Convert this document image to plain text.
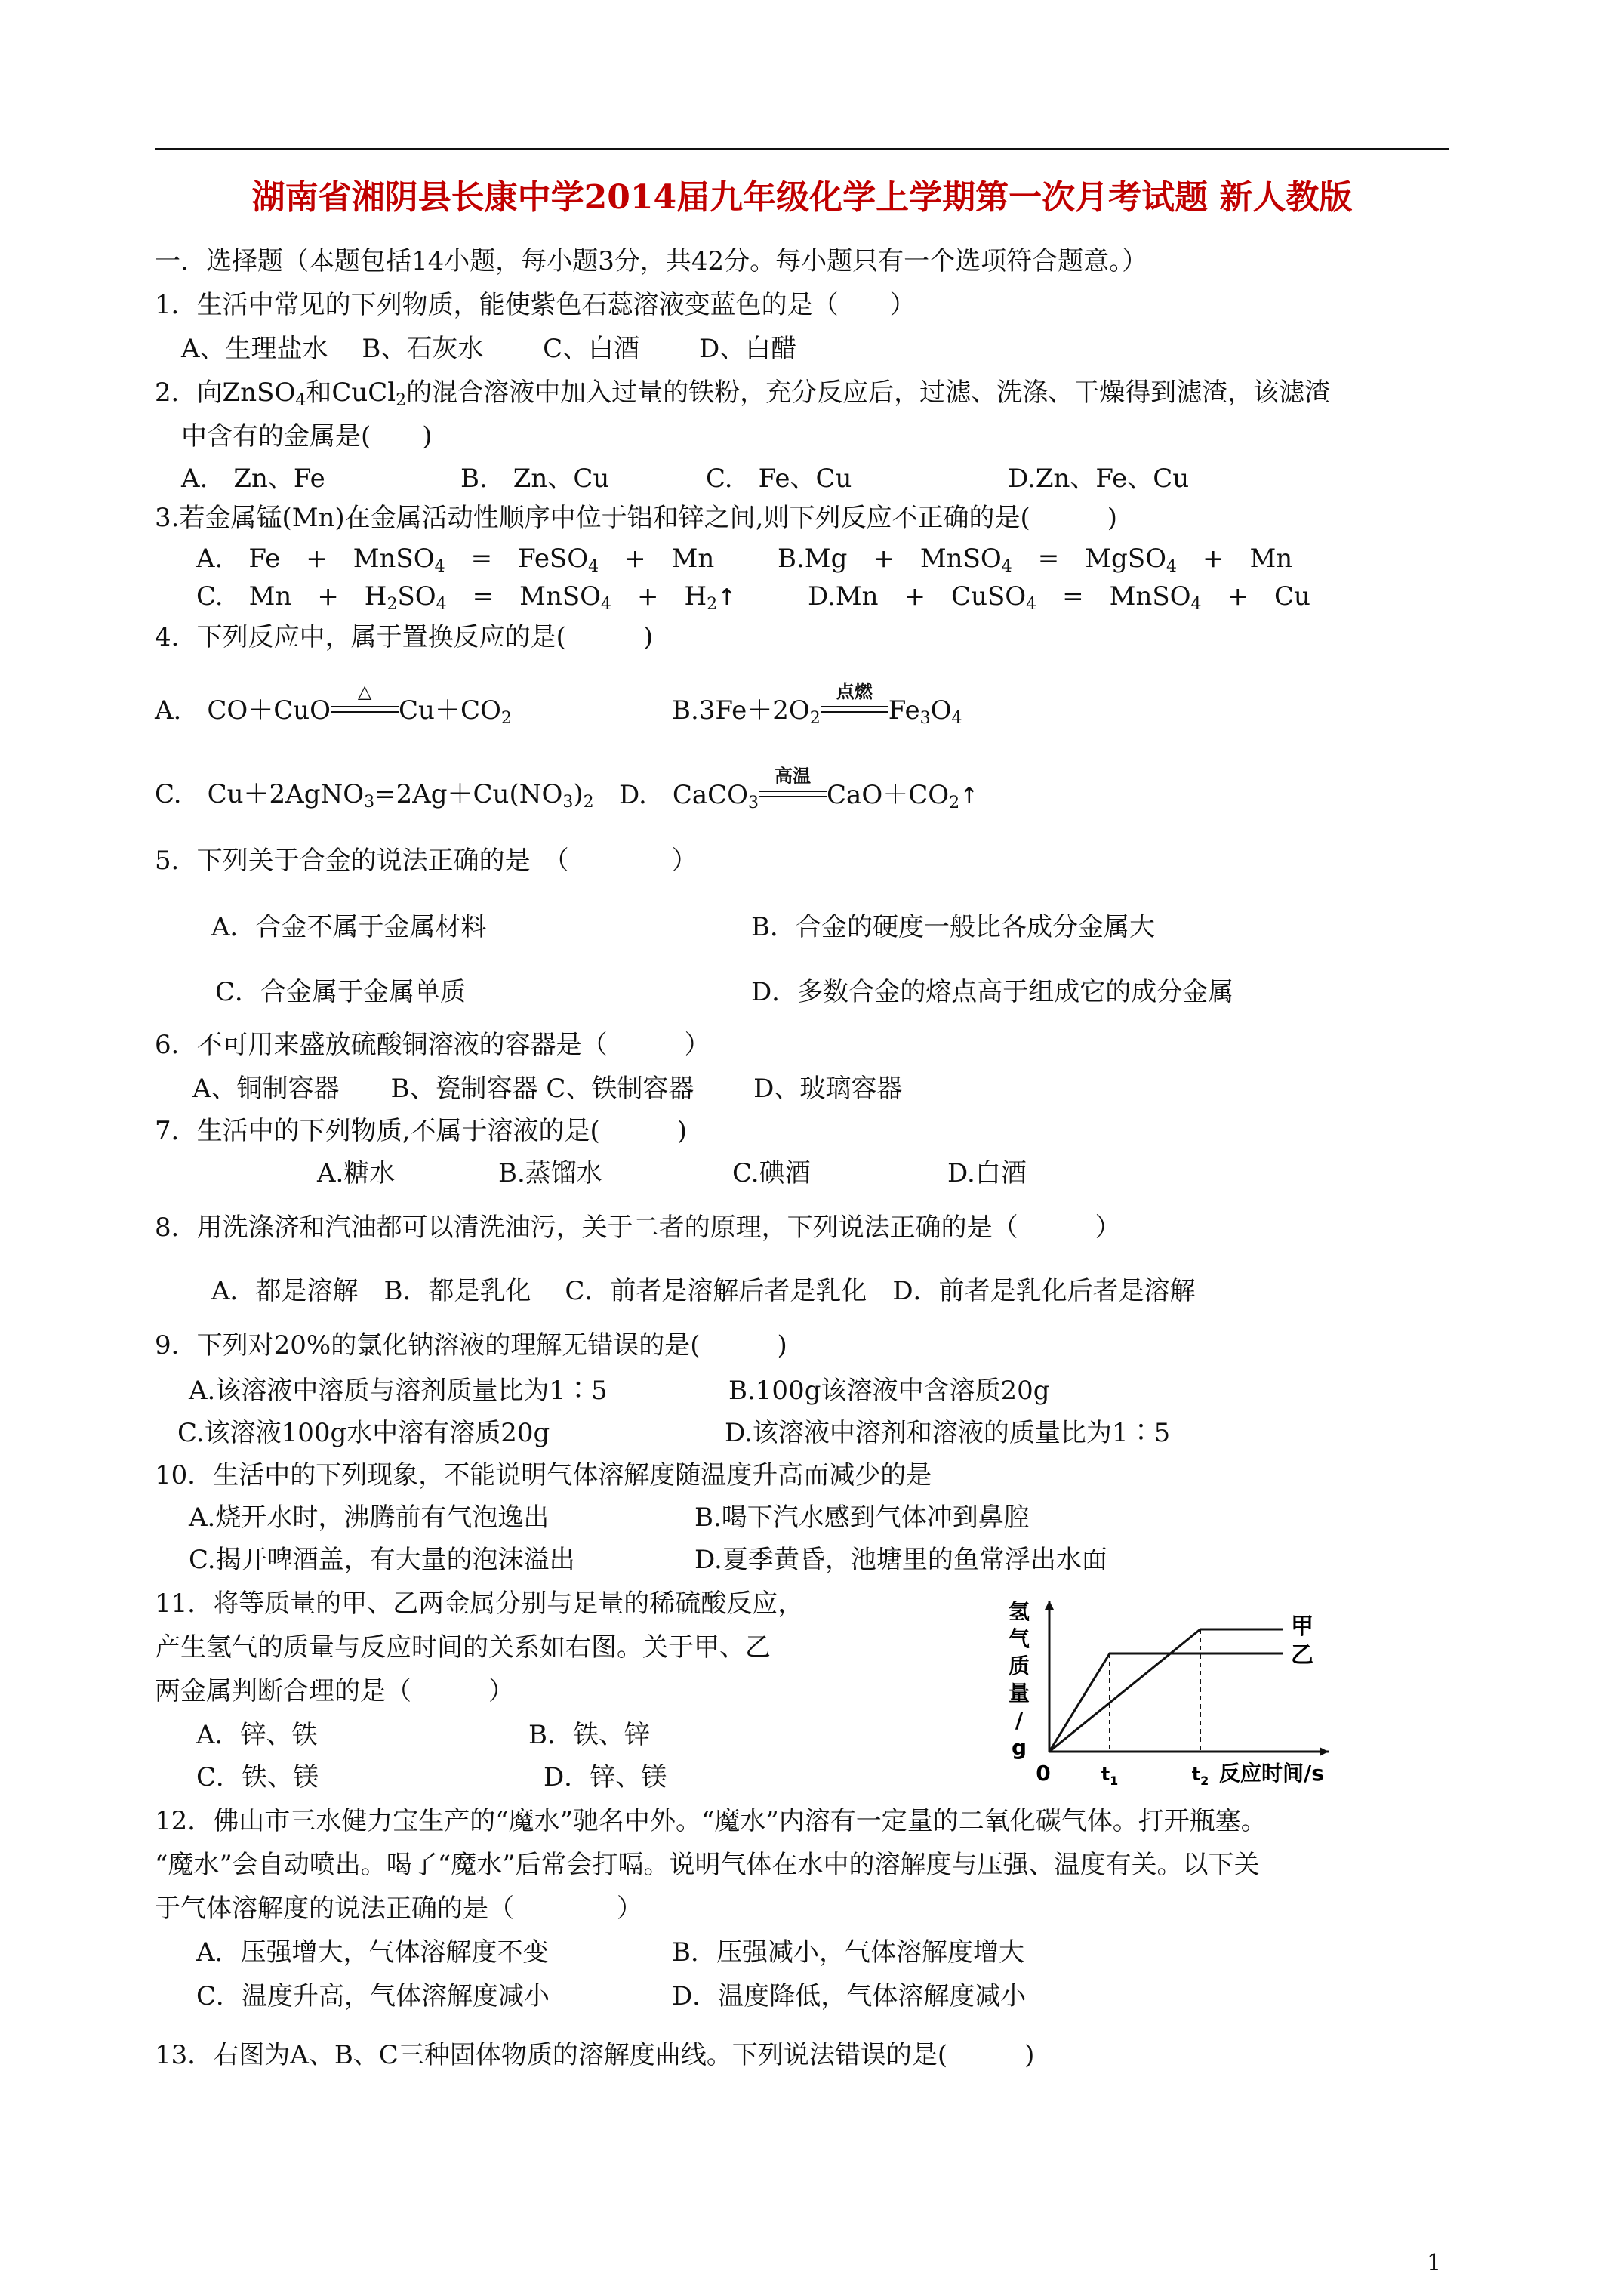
湖南省湘阴县长康中学2014届九年级化学上学期第一次月考试题 新人教版
一．选择题（本题包括14小题，每小题3分，共42分。每小题只有一个选项符合题意。）
1．生活中常见的下列物质，能使紫色石蕊溶液变蓝色的是（　　）
A、生理盐水　 B、石灰水　　 C、白酒　　 D、白醋
2．向ZnSO$_4$和CuCl$_2$的混合溶液中加入过量的铁粉，充分反应后，过滤、洗涤、干燥得到滤渣，该滤渣
中含有的金属是(　　)
A.　Zn、Fe	B.　Zn、Cu	C.　Fe、Cu	D.Zn、Fe、Cu
3.若金属锰(Mn)在金属活动性顺序中位于铝和锌之间,则下列反应不正确的是(　　　)
A.　Fe　+　MnSO$_4$　=　FeSO$_4$　+　Mn B.Mg　+　MnSO$_4$　=　MgSO$_4$　+　Mn
C.　Mn　+　$H_2SO_4$　=　MnSO$_4$　+　$H_2↑$	D.Mn　+　CuSO$_4$　=　MnSO$_4$　+　Cu
4．下列反应中，属于置换反应的是(　　　)
A.　CO＋CuO
△
$Cu+CO_2$	$B.3Fe+2O_2$
点燃
$Fe_3O_4$
C.　$Cu+2AgNO_3=2Ag+Cu(NO_3)_2$ D.　CaCO$_3$
高温
$CaO+CO_2↑$
5．下列关于合金的说法正确的是　（　　　　）
A．合金不属于金属材料	B．合金的硬度一般比各成分金属大
C．合金属于金属单质	D．多数合金的熔点高于组成它的成分金属
6．不可用来盛放硫酸铜溶液的容器是（　　　）
A、铜制容器　　B、瓷制容器 C、铁制容器　　 D、玻璃容器
7．生活中的下列物质,不属于溶液的是(　　　)
A.糖水	B.蒸馏水	C.碘酒	D.白酒
8．用洗涤济和汽油都可以清洗油污，关于二者的原理，下列说法正确的是（　　　）
A．都是溶解　B．都是乳化　 C．前者是溶解后者是乳化　D．前者是乳化后者是溶解
9．下列对20%的氯化钠溶液的理解无错误的是(　　　)
A.该溶液中溶质与溶剂质量比为1∶5	B.100g该溶液中含溶质20g
C.该溶液100g水中溶有溶质20g	D.该溶液中溶剂和溶液的质量比为1∶5
10．生活中的下列现象，不能说明气体溶解度随温度升高而减少的是
A.烧开水时，沸腾前有气泡逸出	B.喝下汽水感到气体冲到鼻腔
C.揭开啤酒盖，有大量的泡沫溢出	D.夏季黄昏，池塘里的鱼常浮出水面
11．将等质量的甲、乙两金属分别与足量的稀硫酸反应，
产生氢气的质量与反应时间的关系如右图。关于甲、乙
两金属判断合理的是（　　　）
A．锌、铁	B．铁、锌
C．铁、镁	D．锌、镁
氢
气
质
量
/
g
甲
乙
0	$t_1$	$t_2$ 反应时间/s
12．佛山市三水健力宝生产的“魔水”驰名中外。“魔水”内溶有一定量的二氧化碳气体。打开瓶塞。
“魔水”会自动喷出。喝了“魔水”后常会打嗝。说明气体在水中的溶解度与压强、温度有关。以下关
于气体溶解度的说法正确的是（　　　　）
A．压强增大，气体溶解度不变	B．压强减小，气体溶解度增大
C．温度升高，气体溶解度减小	D．温度降低，气体溶解度减小
13．右图为A、B、C三种固体物质的溶解度曲线。下列说法错误的是(　　　)
1
